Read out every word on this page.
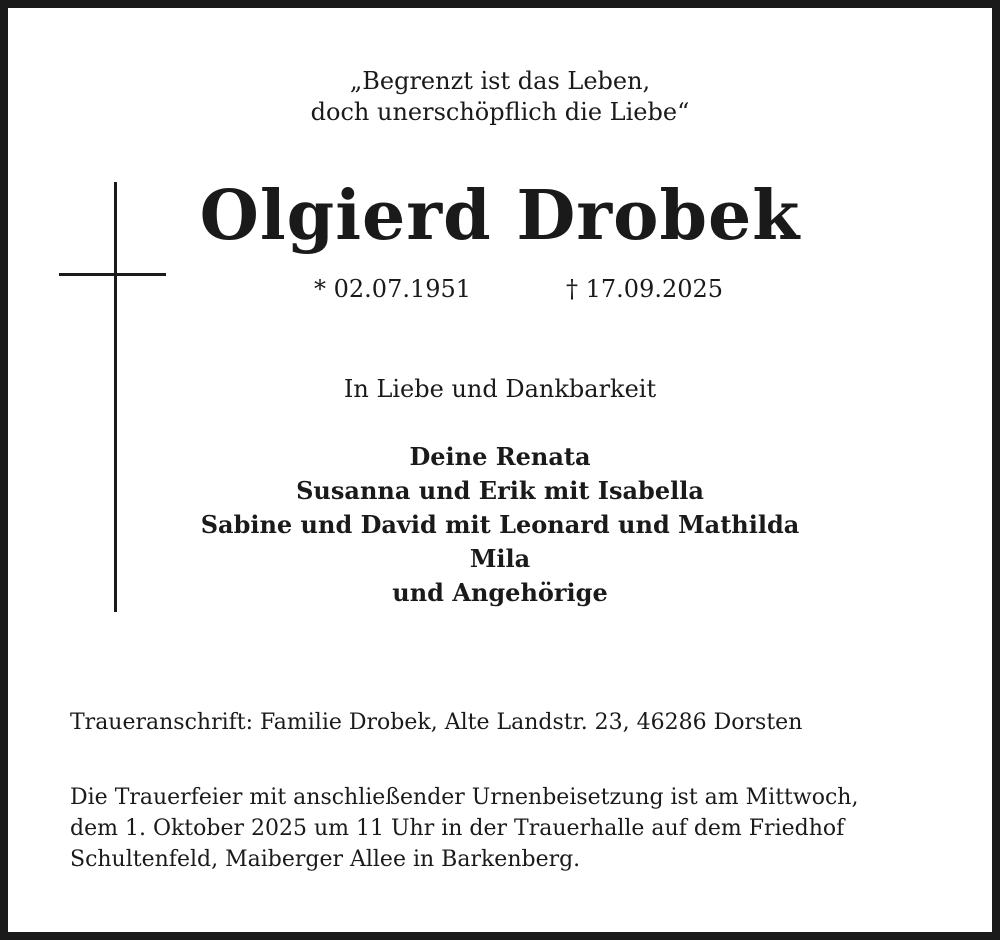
„Begrenzt ist das Leben,
doch unerschöpflich die Liebe“
Olgierd Drobek
* 02.07.1951	† 17.09.2025
In Liebe und Dankbarkeit
Deine Renata
Susanna und Erik mit Isabella
Sabine und David mit Leonard und Mathilda
Mila
und Angehörige
Traueranschrift: Familie Drobek, Alte Landstr. 23, 46286 Dorsten
Die Trauerfeier mit anschließender Urnenbeisetzung ist am Mittwoch,
dem 1. Oktober 2025 um 11 Uhr in der Trauerhalle auf dem Friedhof
Schultenfeld, Maiberger Allee in Barkenberg.
